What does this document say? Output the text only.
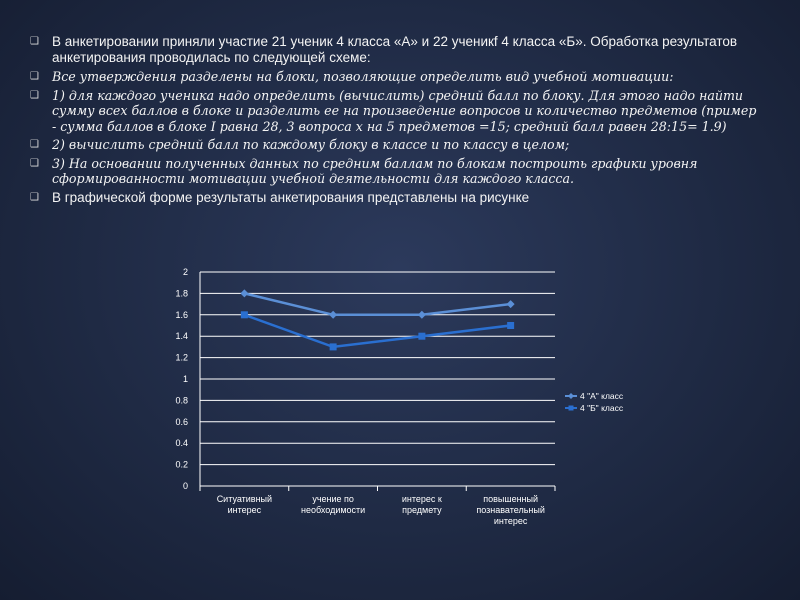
❑ В анкетировании приняли участие 21 ученик 4 класса «А» и 22 ученикf 4 класса «Б». Обработка результатов анкетирования проводилась по следующей схеме:
❑ Все утверждения разделены на блоки, позволяющие определить вид учебной мотивации:
❑ 1) для каждого ученика надо определить (вычислить) средний балл по блоку. Для этого надо найти сумму всех баллов в блоке и разделить ее на произведение вопросов и количество предметов (пример - сумма баллов в блоке I равна 28, 3 вопроса х на 5 предметов =15; средний балл равен 28:15= 1.9)
❑ 2) вычислить средний балл по каждому блоку в классе и по классу в целом;
❑ 3) На основании полученных данных по средним баллам по блокам построить графики уровня сформированности мотивации учебной деятельности для каждого класса.
❑ В графической форме результаты анкетирования представлены на рисунке
0
0.2
0.4
0.6
0.8
1
1.2
1.4
1.6
1.8
2
Ситуативный
интерес
учение по
необходимости
интерес к
предмету
повышенный
познавательный
интерес
4 "А" класс
4 "Б" класс
